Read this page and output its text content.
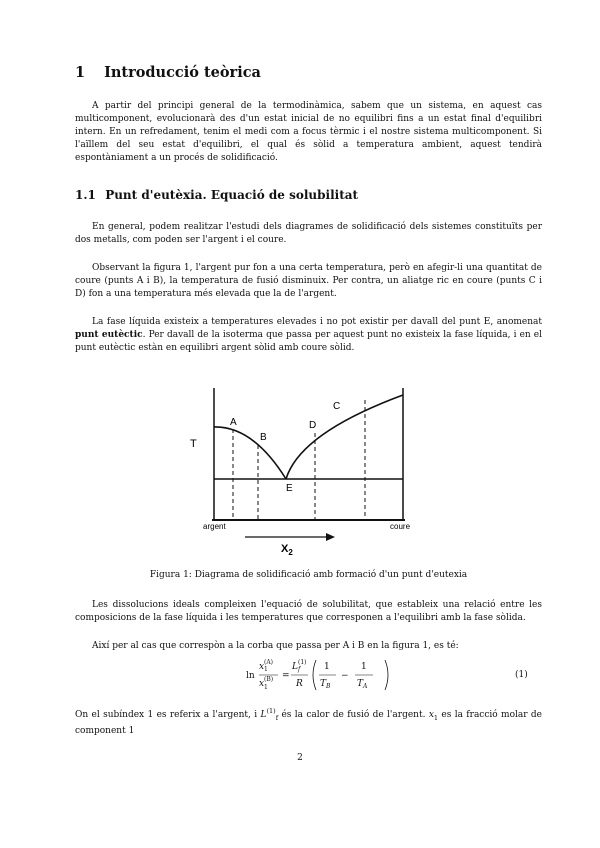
1 Introducció teòrica

A partir del principi general de la termodinàmica, sabem que un sistema, en aquest cas multicomponent, evolucionarà des d'un estat inicial de no equilibri fins a un estat final d'equilibri intern. En un refredament, tenim el medi com a focus tèrmic i el nostre sistema multicomponent. Si l'aïllem del seu estat d'equilibri, el qual és sòlid a temperatura ambient, aquest tendirà espontàniament a un procés de solidificació.

1.1 Punt d'eutèxia. Equació de solubilitat

En general, podem realitzar l'estudi dels diagrames de solidificació dels sistemes constituïts per dos metalls, com poden ser l'argent i el coure.

Observant la figura 1, l'argent pur fon a una certa temperatura, però en afegir-li una quantitat de coure (punts A i B), la temperatura de fusió disminuix. Per contra, un aliatge ric en coure (punts C i D) fon a una temperatura més elevada que la de l'argent.

La fase líquida existeix a temperatures elevades i no pot existir per davall del punt E, anomenat punt eutèctic. Per davall de la isoterma que passa per aquest punt no existeix la fase líquida, i en el punt eutèctic estàn en equilibri argent sòlid amb coure sòlid.

A
B
C
D
E
T
argent	coure
$X_2$
Figura 1: Diagrama de solidificació amb formació d'un punt d'eutexia

Les dissolucions ideals compleixen l'equació de solubilitat, que estableix una relació entre les composicions de la fase líquida i les temperatures que corresponen a l'equilibri amb la fase sòlida.

Així per al cas que correspòn a la corba que passa per A i B en la figura 1, es té:

ln
x (A)
1
x (B)
1
=
L (1)
f
R
1
T B
−
1
T A
(1)

On el subíndex 1 es referix a l'argent, i $L^{(1)}_f$ és la calor de fusió de l'argent. $x_1$ es la fracció molar de component 1

2
